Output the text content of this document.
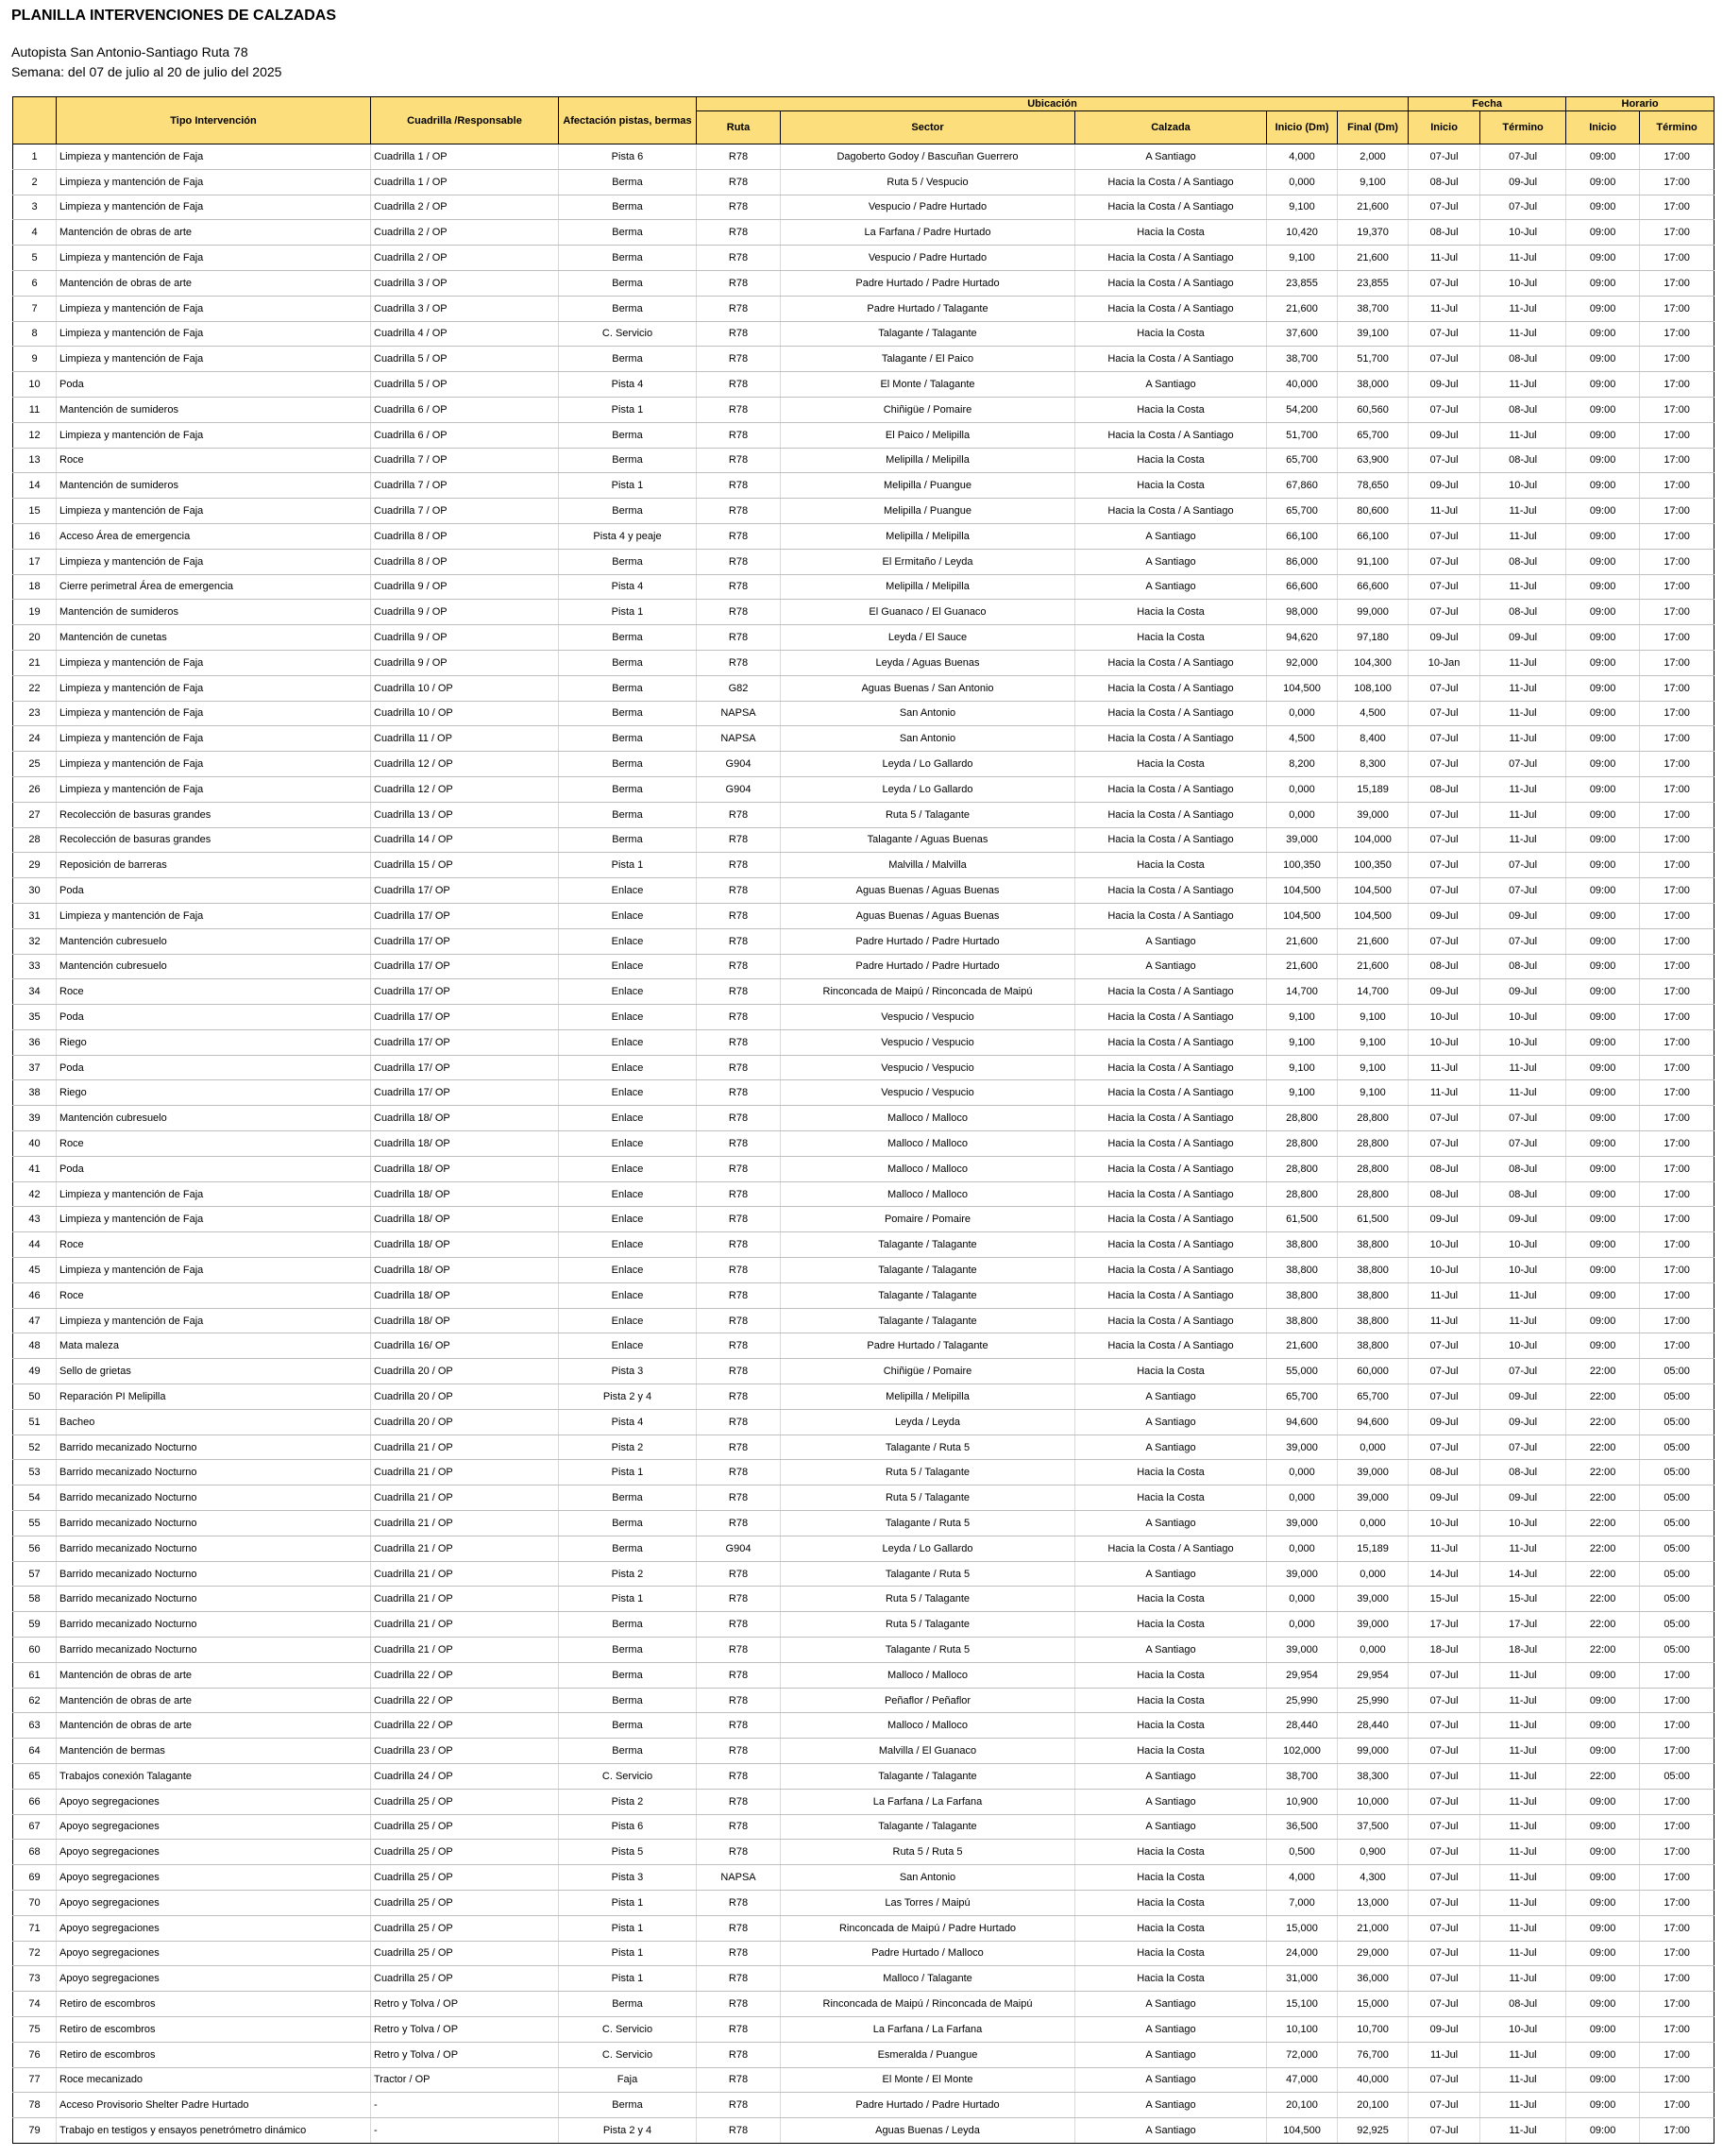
PLANILLA INTERVENCIONES DE CALZADAS
Autopista San Antonio-Santiago Ruta 78
Semana: del 07 de julio al 20 de julio del 2025
	Tipo Intervención	Cuadrilla /Responsable	Afectación pistas, bermas	Ubicación					Fecha		Horario	
				Ruta	Sector	Calzada	Inicio (Dm)	Final (Dm)	Inicio	Término	Inicio	Término
1	Limpieza y mantención de Faja	Cuadrilla 1 / OP	Pista 6	R78	Dagoberto Godoy / Bascuñan Guerrero	A Santiago	4,000	2,000	07-Jul	07-Jul	09:00	17:00
2	Limpieza y mantención de Faja	Cuadrilla 1 / OP	Berma	R78	Ruta 5 / Vespucio	Hacia la Costa / A Santiago	0,000	9,100	08-Jul	09-Jul	09:00	17:00
3	Limpieza y mantención de Faja	Cuadrilla 2 / OP	Berma	R78	Vespucio / Padre Hurtado	Hacia la Costa / A Santiago	9,100	21,600	07-Jul	07-Jul	09:00	17:00
4	Mantención de obras de arte	Cuadrilla 2 / OP	Berma	R78	La Farfana / Padre Hurtado	Hacia la Costa	10,420	19,370	08-Jul	10-Jul	09:00	17:00
5	Limpieza y mantención de Faja	Cuadrilla 2 / OP	Berma	R78	Vespucio / Padre Hurtado	Hacia la Costa / A Santiago	9,100	21,600	11-Jul	11-Jul	09:00	17:00
6	Mantención de obras de arte	Cuadrilla 3 / OP	Berma	R78	Padre Hurtado / Padre Hurtado	Hacia la Costa / A Santiago	23,855	23,855	07-Jul	10-Jul	09:00	17:00
7	Limpieza y mantención de Faja	Cuadrilla 3 / OP	Berma	R78	Padre Hurtado / Talagante	Hacia la Costa / A Santiago	21,600	38,700	11-Jul	11-Jul	09:00	17:00
8	Limpieza y mantención de Faja	Cuadrilla 4 / OP	C. Servicio	R78	Talagante / Talagante	Hacia la Costa	37,600	39,100	07-Jul	11-Jul	09:00	17:00
9	Limpieza y mantención de Faja	Cuadrilla 5 / OP	Berma	R78	Talagante / El Paico	Hacia la Costa / A Santiago	38,700	51,700	07-Jul	08-Jul	09:00	17:00
10	Poda	Cuadrilla 5 / OP	Pista 4	R78	El Monte / Talagante	A Santiago	40,000	38,000	09-Jul	11-Jul	09:00	17:00
11	Mantención de sumideros	Cuadrilla 6 / OP	Pista 1	R78	Chiñigüe / Pomaire	Hacia la Costa	54,200	60,560	07-Jul	08-Jul	09:00	17:00
12	Limpieza y mantención de Faja	Cuadrilla 6 / OP	Berma	R78	El Paico / Melipilla	Hacia la Costa / A Santiago	51,700	65,700	09-Jul	11-Jul	09:00	17:00
13	Roce	Cuadrilla 7 / OP	Berma	R78	Melipilla / Melipilla	Hacia la Costa	65,700	63,900	07-Jul	08-Jul	09:00	17:00
14	Mantención de sumideros	Cuadrilla 7 / OP	Pista 1	R78	Melipilla / Puangue	Hacia la Costa	67,860	78,650	09-Jul	10-Jul	09:00	17:00
15	Limpieza y mantención de Faja	Cuadrilla 7 / OP	Berma	R78	Melipilla / Puangue	Hacia la Costa / A Santiago	65,700	80,600	11-Jul	11-Jul	09:00	17:00
16	Acceso Área de emergencia	Cuadrilla 8 / OP	Pista 4 y peaje	R78	Melipilla / Melipilla	A Santiago	66,100	66,100	07-Jul	11-Jul	09:00	17:00
17	Limpieza y mantención de Faja	Cuadrilla 8 / OP	Berma	R78	El Ermitaño / Leyda	A Santiago	86,000	91,100	07-Jul	08-Jul	09:00	17:00
18	Cierre perimetral Área de emergencia	Cuadrilla 9 / OP	Pista 4	R78	Melipilla / Melipilla	A Santiago	66,600	66,600	07-Jul	11-Jul	09:00	17:00
19	Mantención de sumideros	Cuadrilla 9 / OP	Pista 1	R78	El Guanaco / El Guanaco	Hacia la Costa	98,000	99,000	07-Jul	08-Jul	09:00	17:00
20	Mantención de cunetas	Cuadrilla 9 / OP	Berma	R78	Leyda / El Sauce	Hacia la Costa	94,620	97,180	09-Jul	09-Jul	09:00	17:00
21	Limpieza y mantención de Faja	Cuadrilla 9 / OP	Berma	R78	Leyda / Aguas Buenas	Hacia la Costa / A Santiago	92,000	104,300	10-Jan	11-Jul	09:00	17:00
22	Limpieza y mantención de Faja	Cuadrilla 10 / OP	Berma	G82	Aguas Buenas / San Antonio	Hacia la Costa / A Santiago	104,500	108,100	07-Jul	11-Jul	09:00	17:00
23	Limpieza y mantención de Faja	Cuadrilla 10 / OP	Berma	NAPSA	San Antonio	Hacia la Costa / A Santiago	0,000	4,500	07-Jul	11-Jul	09:00	17:00
24	Limpieza y mantención de Faja	Cuadrilla 11 / OP	Berma	NAPSA	San Antonio	Hacia la Costa / A Santiago	4,500	8,400	07-Jul	11-Jul	09:00	17:00
25	Limpieza y mantención de Faja	Cuadrilla 12 / OP	Berma	G904	Leyda / Lo Gallardo	Hacia la Costa	8,200	8,300	07-Jul	07-Jul	09:00	17:00
26	Limpieza y mantención de Faja	Cuadrilla 12 / OP	Berma	G904	Leyda / Lo Gallardo	Hacia la Costa / A Santiago	0,000	15,189	08-Jul	11-Jul	09:00	17:00
27	Recolección de basuras grandes	Cuadrilla 13 / OP	Berma	R78	Ruta 5 / Talagante	Hacia la Costa / A Santiago	0,000	39,000	07-Jul	11-Jul	09:00	17:00
28	Recolección de basuras grandes	Cuadrilla 14 / OP	Berma	R78	Talagante / Aguas Buenas	Hacia la Costa / A Santiago	39,000	104,000	07-Jul	11-Jul	09:00	17:00
29	Reposición de barreras	Cuadrilla 15 / OP	Pista 1	R78	Malvilla / Malvilla	Hacia la Costa	100,350	100,350	07-Jul	07-Jul	09:00	17:00
30	Poda	Cuadrilla 17/ OP	Enlace	R78	Aguas Buenas / Aguas Buenas	Hacia la Costa / A Santiago	104,500	104,500	07-Jul	07-Jul	09:00	17:00
31	Limpieza y mantención de Faja	Cuadrilla 17/ OP	Enlace	R78	Aguas Buenas / Aguas Buenas	Hacia la Costa / A Santiago	104,500	104,500	09-Jul	09-Jul	09:00	17:00
32	Mantención cubresuelo	Cuadrilla 17/ OP	Enlace	R78	Padre Hurtado / Padre Hurtado	A Santiago	21,600	21,600	07-Jul	07-Jul	09:00	17:00
33	Mantención cubresuelo	Cuadrilla 17/ OP	Enlace	R78	Padre Hurtado / Padre Hurtado	A Santiago	21,600	21,600	08-Jul	08-Jul	09:00	17:00
34	Roce	Cuadrilla 17/ OP	Enlace	R78	Rinconcada de Maipú / Rinconcada de Maipú	Hacia la Costa / A Santiago	14,700	14,700	09-Jul	09-Jul	09:00	17:00
35	Poda	Cuadrilla 17/ OP	Enlace	R78	Vespucio / Vespucio	Hacia la Costa / A Santiago	9,100	9,100	10-Jul	10-Jul	09:00	17:00
36	Riego	Cuadrilla 17/ OP	Enlace	R78	Vespucio / Vespucio	Hacia la Costa / A Santiago	9,100	9,100	10-Jul	10-Jul	09:00	17:00
37	Poda	Cuadrilla 17/ OP	Enlace	R78	Vespucio / Vespucio	Hacia la Costa / A Santiago	9,100	9,100	11-Jul	11-Jul	09:00	17:00
38	Riego	Cuadrilla 17/ OP	Enlace	R78	Vespucio / Vespucio	Hacia la Costa / A Santiago	9,100	9,100	11-Jul	11-Jul	09:00	17:00
39	Mantención cubresuelo	Cuadrilla 18/ OP	Enlace	R78	Malloco / Malloco	Hacia la Costa / A Santiago	28,800	28,800	07-Jul	07-Jul	09:00	17:00
40	Roce	Cuadrilla 18/ OP	Enlace	R78	Malloco / Malloco	Hacia la Costa / A Santiago	28,800	28,800	07-Jul	07-Jul	09:00	17:00
41	Poda	Cuadrilla 18/ OP	Enlace	R78	Malloco / Malloco	Hacia la Costa / A Santiago	28,800	28,800	08-Jul	08-Jul	09:00	17:00
42	Limpieza y mantención de Faja	Cuadrilla 18/ OP	Enlace	R78	Malloco / Malloco	Hacia la Costa / A Santiago	28,800	28,800	08-Jul	08-Jul	09:00	17:00
43	Limpieza y mantención de Faja	Cuadrilla 18/ OP	Enlace	R78	Pomaire / Pomaire	Hacia la Costa / A Santiago	61,500	61,500	09-Jul	09-Jul	09:00	17:00
44	Roce	Cuadrilla 18/ OP	Enlace	R78	Talagante / Talagante	Hacia la Costa / A Santiago	38,800	38,800	10-Jul	10-Jul	09:00	17:00
45	Limpieza y mantención de Faja	Cuadrilla 18/ OP	Enlace	R78	Talagante / Talagante	Hacia la Costa / A Santiago	38,800	38,800	10-Jul	10-Jul	09:00	17:00
46	Roce	Cuadrilla 18/ OP	Enlace	R78	Talagante / Talagante	Hacia la Costa / A Santiago	38,800	38,800	11-Jul	11-Jul	09:00	17:00
47	Limpieza y mantención de Faja	Cuadrilla 18/ OP	Enlace	R78	Talagante / Talagante	Hacia la Costa / A Santiago	38,800	38,800	11-Jul	11-Jul	09:00	17:00
48	Mata maleza	Cuadrilla 16/ OP	Enlace	R78	Padre Hurtado / Talagante	Hacia la Costa / A Santiago	21,600	38,800	07-Jul	10-Jul	09:00	17:00
49	Sello de grietas	Cuadrilla 20 / OP	Pista 3	R78	Chiñigüe / Pomaire	Hacia la Costa	55,000	60,000	07-Jul	07-Jul	22:00	05:00
50	Reparación PI Melipilla	Cuadrilla 20 / OP	Pista 2 y 4	R78	Melipilla / Melipilla	A Santiago	65,700	65,700	07-Jul	09-Jul	22:00	05:00
51	Bacheo	Cuadrilla 20 / OP	Pista 4	R78	Leyda / Leyda	A Santiago	94,600	94,600	09-Jul	09-Jul	22:00	05:00
52	Barrido mecanizado Nocturno	Cuadrilla 21 / OP	Pista 2	R78	Talagante / Ruta 5	A Santiago	39,000	0,000	07-Jul	07-Jul	22:00	05:00
53	Barrido mecanizado Nocturno	Cuadrilla 21 / OP	Pista 1	R78	Ruta 5 / Talagante	Hacia la Costa	0,000	39,000	08-Jul	08-Jul	22:00	05:00
54	Barrido mecanizado Nocturno	Cuadrilla 21 / OP	Berma	R78	Ruta 5 / Talagante	Hacia la Costa	0,000	39,000	09-Jul	09-Jul	22:00	05:00
55	Barrido mecanizado Nocturno	Cuadrilla 21 / OP	Berma	R78	Talagante / Ruta 5	A Santiago	39,000	0,000	10-Jul	10-Jul	22:00	05:00
56	Barrido mecanizado Nocturno	Cuadrilla 21 / OP	Berma	G904	Leyda / Lo Gallardo	Hacia la Costa / A Santiago	0,000	15,189	11-Jul	11-Jul	22:00	05:00
57	Barrido mecanizado Nocturno	Cuadrilla 21 / OP	Pista 2	R78	Talagante / Ruta 5	A Santiago	39,000	0,000	14-Jul	14-Jul	22:00	05:00
58	Barrido mecanizado Nocturno	Cuadrilla 21 / OP	Pista 1	R78	Ruta 5 / Talagante	Hacia la Costa	0,000	39,000	15-Jul	15-Jul	22:00	05:00
59	Barrido mecanizado Nocturno	Cuadrilla 21 / OP	Berma	R78	Ruta 5 / Talagante	Hacia la Costa	0,000	39,000	17-Jul	17-Jul	22:00	05:00
60	Barrido mecanizado Nocturno	Cuadrilla 21 / OP	Berma	R78	Talagante / Ruta 5	A Santiago	39,000	0,000	18-Jul	18-Jul	22:00	05:00
61	Mantención de obras de arte	Cuadrilla 22 / OP	Berma	R78	Malloco / Malloco	Hacia la Costa	29,954	29,954	07-Jul	11-Jul	09:00	17:00
62	Mantención de obras de arte	Cuadrilla 22 / OP	Berma	R78	Peñaflor / Peñaflor	Hacia la Costa	25,990	25,990	07-Jul	11-Jul	09:00	17:00
63	Mantención de obras de arte	Cuadrilla 22 / OP	Berma	R78	Malloco / Malloco	Hacia la Costa	28,440	28,440	07-Jul	11-Jul	09:00	17:00
64	Mantención de bermas	Cuadrilla 23 / OP	Berma	R78	Malvilla / El Guanaco	Hacia la Costa	102,000	99,000	07-Jul	11-Jul	09:00	17:00
65	Trabajos conexión Talagante	Cuadrilla 24 / OP	C. Servicio	R78	Talagante / Talagante	A Santiago	38,700	38,300	07-Jul	11-Jul	22:00	05:00
66	Apoyo segregaciones	Cuadrilla 25 / OP	Pista 2	R78	La Farfana / La Farfana	A Santiago	10,900	10,000	07-Jul	11-Jul	09:00	17:00
67	Apoyo segregaciones	Cuadrilla 25 / OP	Pista 6	R78	Talagante / Talagante	A Santiago	36,500	37,500	07-Jul	11-Jul	09:00	17:00
68	Apoyo segregaciones	Cuadrilla 25 / OP	Pista 5	R78	Ruta 5 / Ruta 5	Hacia la Costa	0,500	0,900	07-Jul	11-Jul	09:00	17:00
69	Apoyo segregaciones	Cuadrilla 25 / OP	Pista 3	NAPSA	San Antonio	Hacia la Costa	4,000	4,300	07-Jul	11-Jul	09:00	17:00
70	Apoyo segregaciones	Cuadrilla 25 / OP	Pista 1	R78	Las Torres / Maipú	Hacia la Costa	7,000	13,000	07-Jul	11-Jul	09:00	17:00
71	Apoyo segregaciones	Cuadrilla 25 / OP	Pista 1	R78	Rinconcada de Maipú / Padre Hurtado	Hacia la Costa	15,000	21,000	07-Jul	11-Jul	09:00	17:00
72	Apoyo segregaciones	Cuadrilla 25 / OP	Pista 1	R78	Padre Hurtado / Malloco	Hacia la Costa	24,000	29,000	07-Jul	11-Jul	09:00	17:00
73	Apoyo segregaciones	Cuadrilla 25 / OP	Pista 1	R78	Malloco / Talagante	Hacia la Costa	31,000	36,000	07-Jul	11-Jul	09:00	17:00
74	Retiro de escombros	Retro y Tolva / OP	Berma	R78	Rinconcada de Maipú / Rinconcada de Maipú	A Santiago	15,100	15,000	07-Jul	08-Jul	09:00	17:00
75	Retiro de escombros	Retro y Tolva / OP	C. Servicio	R78	La Farfana / La Farfana	A Santiago	10,100	10,700	09-Jul	10-Jul	09:00	17:00
76	Retiro de escombros	Retro y Tolva / OP	C. Servicio	R78	Esmeralda / Puangue	A Santiago	72,000	76,700	11-Jul	11-Jul	09:00	17:00
77	Roce mecanizado	Tractor / OP	Faja	R78	El Monte / El Monte	A Santiago	47,000	40,000	07-Jul	11-Jul	09:00	17:00
78	Acceso Provisorio Shelter Padre Hurtado	-	Berma	R78	Padre Hurtado / Padre Hurtado	A Santiago	20,100	20,100	07-Jul	11-Jul	09:00	17:00
79	Trabajo en testigos y ensayos penetrómetro dinámico	-	Pista 2 y 4	R78	Aguas Buenas / Leyda	A Santiago	104,500	92,925	07-Jul	11-Jul	09:00	17:00
